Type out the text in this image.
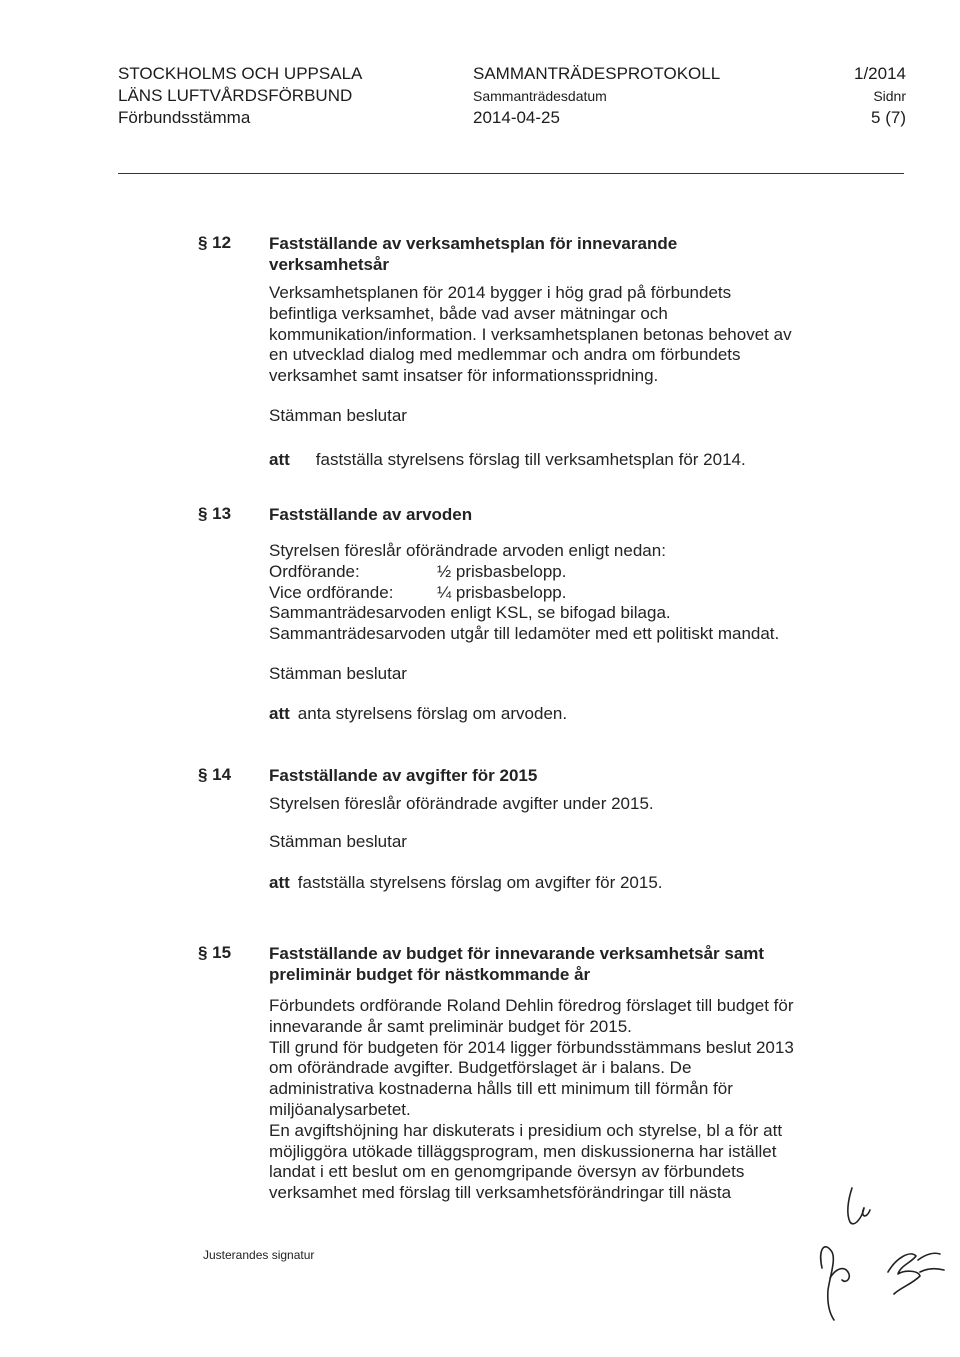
STOCKHOLMS OCH UPPSALA
LÄNS LUFTVÅRDSFÖRBUND
Förbundsstämma
SAMMANTRÄDESPROTOKOLL
Sammanträdesdatum
2014-04-25
1/2014
Sidnr
5 (7)
§ 12 Fastställande av verksamhetsplan för innevarande

verksamhetsår

Verksamhetsplanen för 2014 bygger i hög grad på förbundets

befintliga verksamhet, både vad avser mätningar och

kommunikation/information. I verksamhetsplanen betonas behovet av

en utvecklad dialog med medlemmar och andra om förbundets

verksamhet samt insatser för informationsspridning.

Stämman beslutar

att fastställa styrelsens förslag till verksamhetsplan för 2014.
§ 13 Fastställande av arvoden

Styrelsen föreslår oförändrade arvoden enligt nedan:

Ordförande:	½ prisbasbelopp.
Vice ordförande:	¼ prisbasbelopp.

Sammanträdesarvoden enligt KSL, se bifogad bilaga.

Sammanträdesarvoden utgår till ledamöter med ett politiskt mandat.

Stämman beslutar

att anta styrelsens förslag om arvoden.
§ 14 Fastställande av avgifter för 2015

Styrelsen föreslår oförändrade avgifter under 2015.

Stämman beslutar

att fastställa styrelsens förslag om avgifter för 2015.
§ 15 Fastställande av budget för innevarande verksamhetsår samt

preliminär budget för nästkommande år

Förbundets ordförande Roland Dehlin föredrog förslaget till budget för

innevarande år samt preliminär budget för 2015.

Till grund för budgeten för 2014 ligger förbundsstämmans beslut 2013

om oförändrade avgifter. Budgetförslaget är i balans. De

administrativa kostnaderna hålls till ett minimum till förmån för

miljöanalysarbetet.

En avgiftshöjning har diskuterats i presidium och styrelse, bl a för att

möjliggöra utökade tilläggsprogram, men diskussionerna har istället

landat i ett beslut om en genomgripande översyn av förbundets

verksamhet med förslag till verksamhetsförändringar till nästa

Justerandes signatur
